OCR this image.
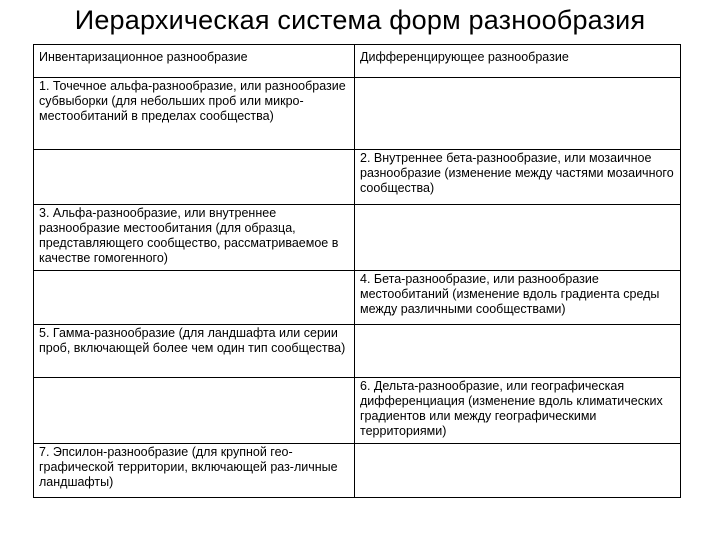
Иерархическая система форм разнообразия
Инвентаризационное разнообразие	Дифференцирующее разнообразие
1. Точечное альфа-разнообразие, или разнообразие субвыборки (для небольших проб или микро-местообитаний в пределах сообщества)	
	2. Внутреннее бета-разнообразие, или мозаичное разнообразие (изменение между частями мозаичного сообщества)
3. Альфа-разнообразие, или внутреннее разнообразие местообитания (для образца, представляющего сообщество, рассматриваемое в качестве гомогенного)	
	4. Бета-разнообразие, или разнообразие местообитаний (изменение вдоль градиента среды между различными сообществами)
5. Гамма-разнообразие (для ландшафта или серии проб, включающей более чем один тип сообщества)	
	6. Дельта-разнообразие, или географическая дифференциация (изменение вдоль климатических градиентов или между географическими территориями)
7. Эпсилон-разнообразие (для крупной гео-графической территории, включающей раз-личные ландшафты)	
